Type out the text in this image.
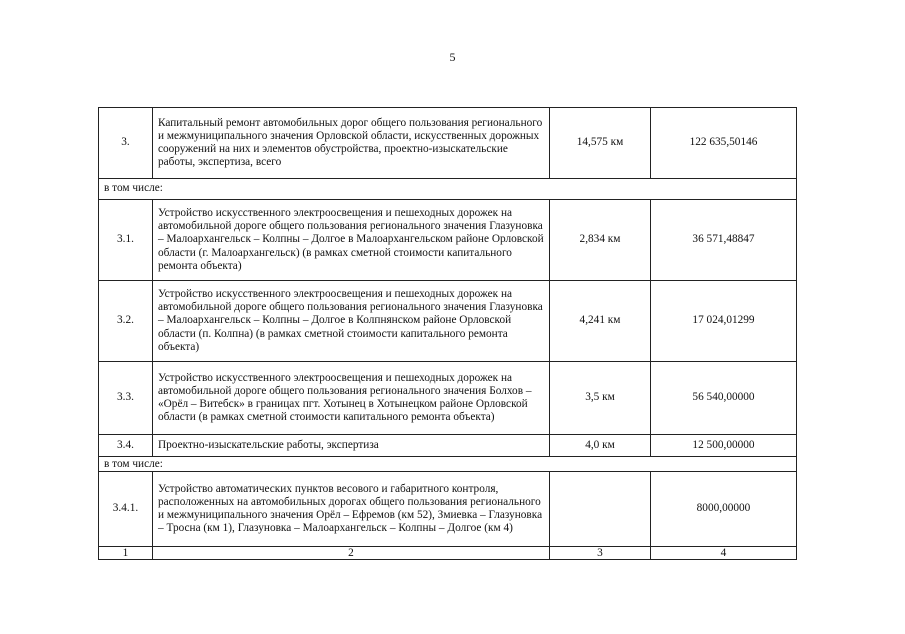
5
3.	Капитальный ремонт автомобильных дорог общего пользования регионального и межмуниципального значения Орловской области, искусственных дорожных сооружений на них и элементов обустройства, проектно-изыскательские работы, экспертиза, всего	14,575 км	122 635,50146
в том числе:			
3.1.	Устройство искусственного электроосвещения и пешеходных дорожек на автомобильной дороге общего пользования регионального значения Глазуновка – Малоархангельск – Колпны – Долгое в Малоархангельском районе Орловской области (г. Малоархангельск) (в рамках сметной стоимости капитального ремонта объекта)	2,834 км	36 571,48847
3.2.	Устройство искусственного электроосвещения и пешеходных дорожек на автомобильной дороге общего пользования регионального значения Глазуновка – Малоархангельск – Колпны – Долгое в Колпнянском районе Орловской области (п. Колпна) (в рамках сметной стоимости капитального ремонта объекта)	4,241 км	17 024,01299
3.3.	Устройство искусственного электроосвещения и пешеходных дорожек на автомобильной дороге общего пользования регионального значения Болхов – «Орёл – Витебск» в границах пгт. Хотынец в Хотынецком районе Орловской области (в рамках сметной стоимости капитального ремонта объекта)	3,5 км	56 540,00000
3.4.	Проектно-изыскательские работы, экспертиза	4,0 км	12 500,00000
в том числе:			
3.4.1.	Устройство автоматических пунктов весового и габаритного контроля, расположенных на автомобильных дорогах общего пользования регионального и межмуниципального значения Орёл – Ефремов (км 52), Змиевка – Глазуновка – Тросна (км 1), Глазуновка – Малоархангельск – Колпны – Долгое (км 4)		8000,00000
1	2	3	4
